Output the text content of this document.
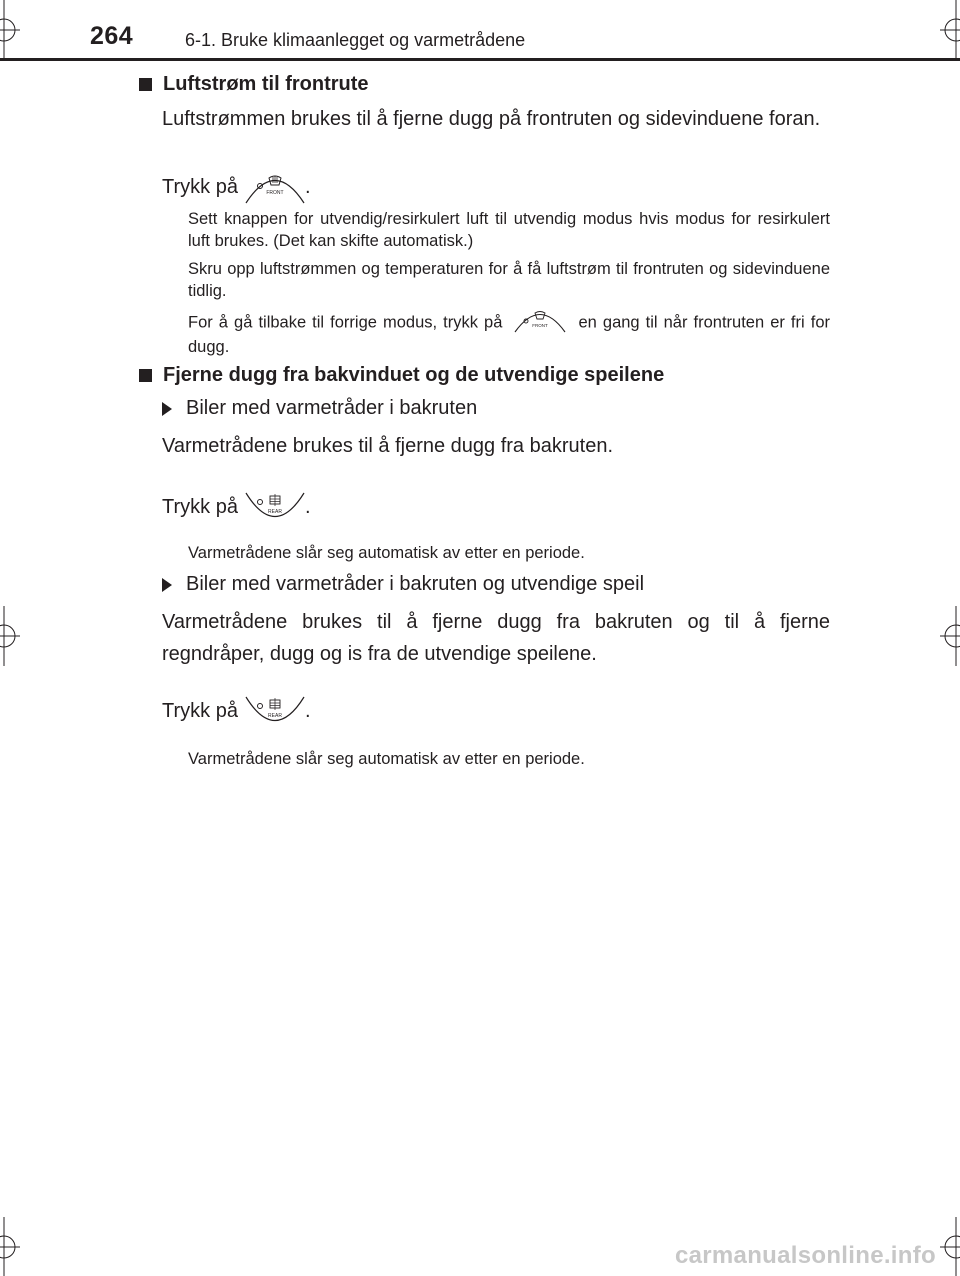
264	6-1. Bruke klimaanlegget og varmetrådene
Luftstrøm til frontrute
Luftstrømmen brukes til å fjerne dugg på frontruten og sidevinduene foran.
Trykk på	FRONT .
Sett knappen for utvendig/resirkulert luft til utvendig modus hvis modus for resirkulert luft brukes. (Det kan skifte automatisk.)
Skru opp luftstrømmen og temperaturen for å få luftstrøm til frontruten og sidevinduene tidlig.
For å gå tilbake til forrige modus, trykk på	FRONT en gang til når frontruten er fri for dugg.
Fjerne dugg fra bakvinduet og de utvendige speilene
Biler med varmetråder i bakruten
Varmetrådene brukes til å fjerne dugg fra bakruten.
Trykk på	REAR .
Varmetrådene slår seg automatisk av etter en periode.
Biler med varmetråder i bakruten og utvendige speil
Varmetrådene brukes til å fjerne dugg fra bakruten og til å fjerne regndråper, dugg og is fra de utvendige speilene.
Trykk på	REAR .
Varmetrådene slår seg automatisk av etter en periode.
carmanualsonline.info
